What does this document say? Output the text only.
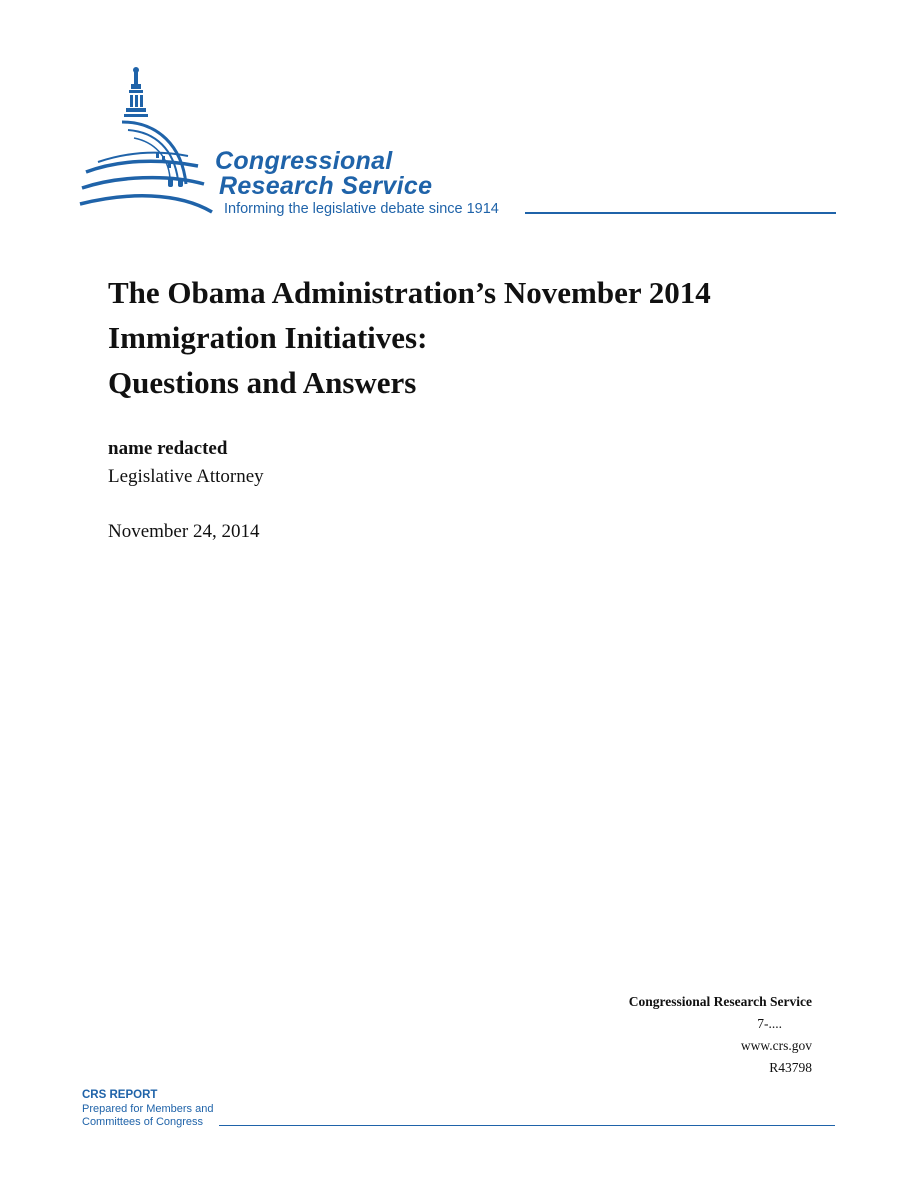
Congressional
Research Service
Informing the legislative debate since 1914
The Obama Administration’s November 2014
Immigration Initiatives:
Questions and Answers
name redacted
Legislative Attorney
November 24, 2014
Congressional Research Service
7-....
www.crs.gov
R43798
CRS REPORT
Prepared for Members and
Committees of Congress
